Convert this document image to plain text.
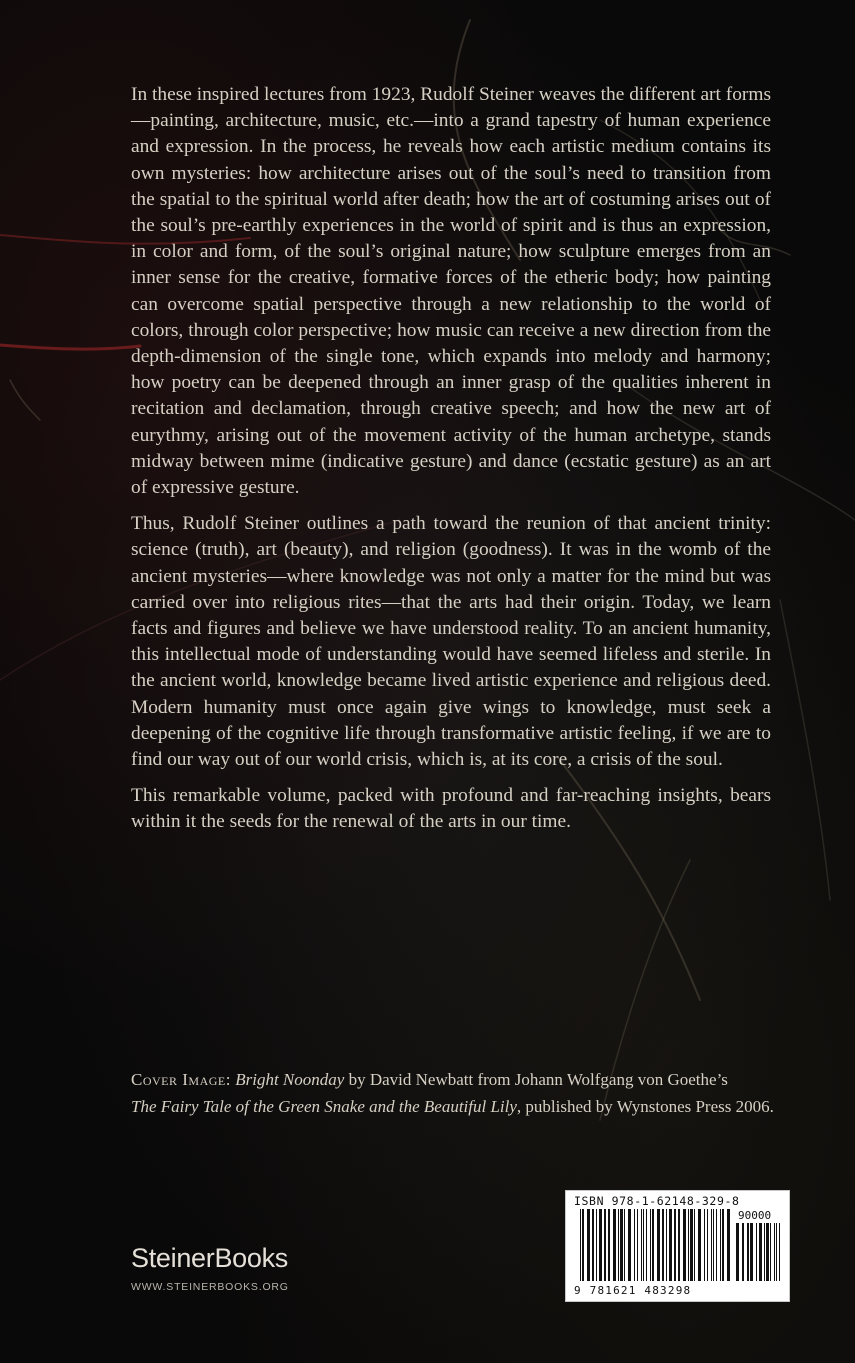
In these inspired lectures from 1923, Rudolf Steiner weaves the different art forms—painting, architecture, music, etc.—into a grand tapestry of human experience and expression. In the process, he reveals how each artistic medium contains its own mysteries: how architecture arises out of the soul’s need to transition from the spatial to the spiritual world after death; how the art of costuming arises out of the soul’s pre-earthly experiences in the world of spirit and is thus an expression, in color and form, of the soul’s original nature; how sculpture emerges from an inner sense for the creative, formative forces of the etheric body; how painting can overcome spatial perspective through a new relationship to the world of colors, through color perspective; how music can receive a new direction from the depth-dimension of the single tone, which expands into melody and harmony; how poetry can be deepened through an inner grasp of the qualities inherent in recitation and declamation, through creative speech; and how the new art of eurythmy, arising out of the movement activity of the human archetype, stands midway between mime (indicative gesture) and dance (ecstatic gesture) as an art of expressive gesture.

Thus, Rudolf Steiner outlines a path toward the reunion of that ancient trinity: science (truth), art (beauty), and religion (goodness). It was in the womb of the ancient mysteries—where knowledge was not only a matter for the mind but was carried over into religious rites—that the arts had their origin. Today, we learn facts and figures and believe we have understood reality. To an ancient humanity, this intellectual mode of understanding would have seemed lifeless and sterile. In the ancient world, knowledge became lived artistic experience and religious deed. Modern humanity must once again give wings to knowledge, must seek a deepening of the cognitive life through transformative artistic feeling, if we are to find our way out of our world crisis, which is, at its core, a crisis of the soul.

This remarkable volume, packed with profound and far-reaching insights, bears within it the seeds for the renewal of the arts in our time.

Cover Image: Bright Noonday by David Newbatt from Johann Wolfgang von Goethe’s
The Fairy Tale of the Green Snake and the Beautiful Lily, published by Wynstones Press 2006.
SteinerBooks
WWW.STEINERBOOKS.ORG
ISBN 978-1-62148-329-8
90000
9 781621 483298
